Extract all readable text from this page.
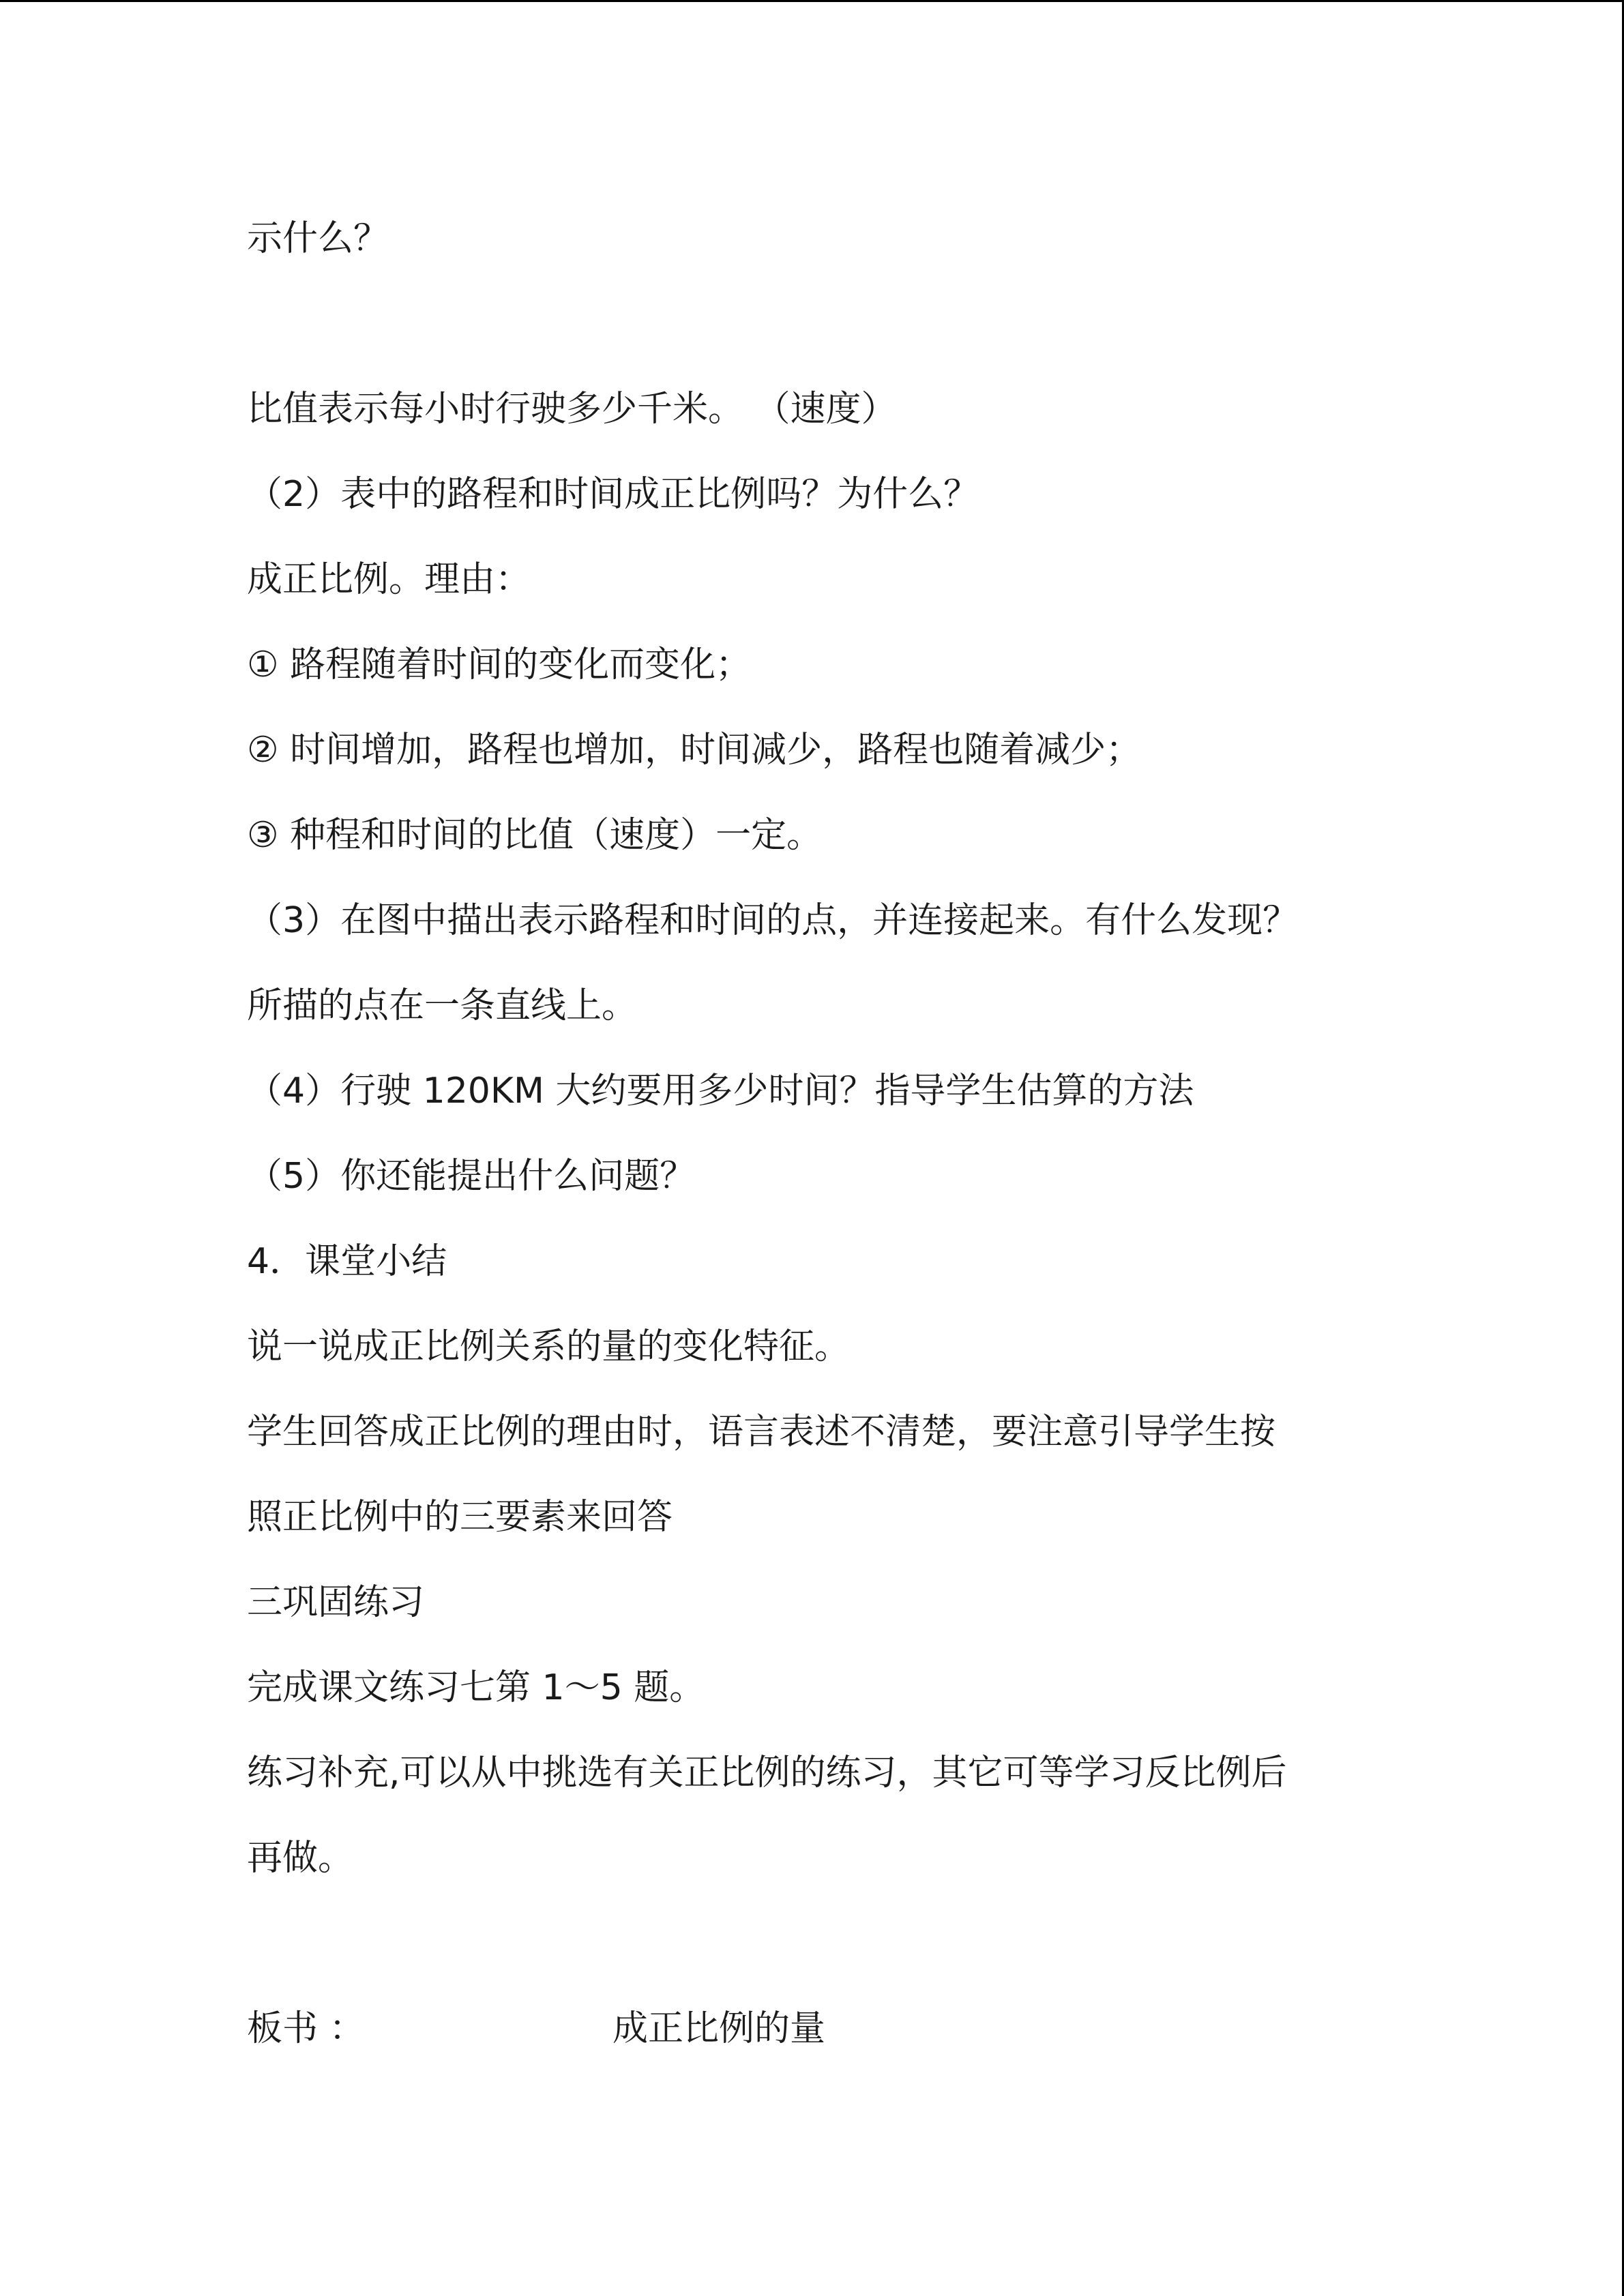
示什么？
比值表示每小时行驶多少千米。 （速度）
（2）表中的路程和时间成正比例吗？为什么？
成正比例。理由：
① 路程随着时间的变化而变化；
② 时间增加，路程也增加，时间减少，路程也随着减少；
③ 种程和时间的比值（速度）一定。
（3）在图中描出表示路程和时间的点，并连接起来。有什么发现？
所描的点在一条直线上。
（4）行驶 120KM 大约要用多少时间？指导学生估算的方法
（5）你还能提出什么问题？
4．课堂小结
说一说成正比例关系的量的变化特征。
学生回答成正比例的理由时，语言表述不清楚，要注意引导学生按
照正比例中的三要素来回答
三巩固练习
完成课文练习七第 1～5 题。
练习补充,可以从中挑选有关正比例的练习，其它可等学习反比例后
再做。
板书 ：	成正比例的量
